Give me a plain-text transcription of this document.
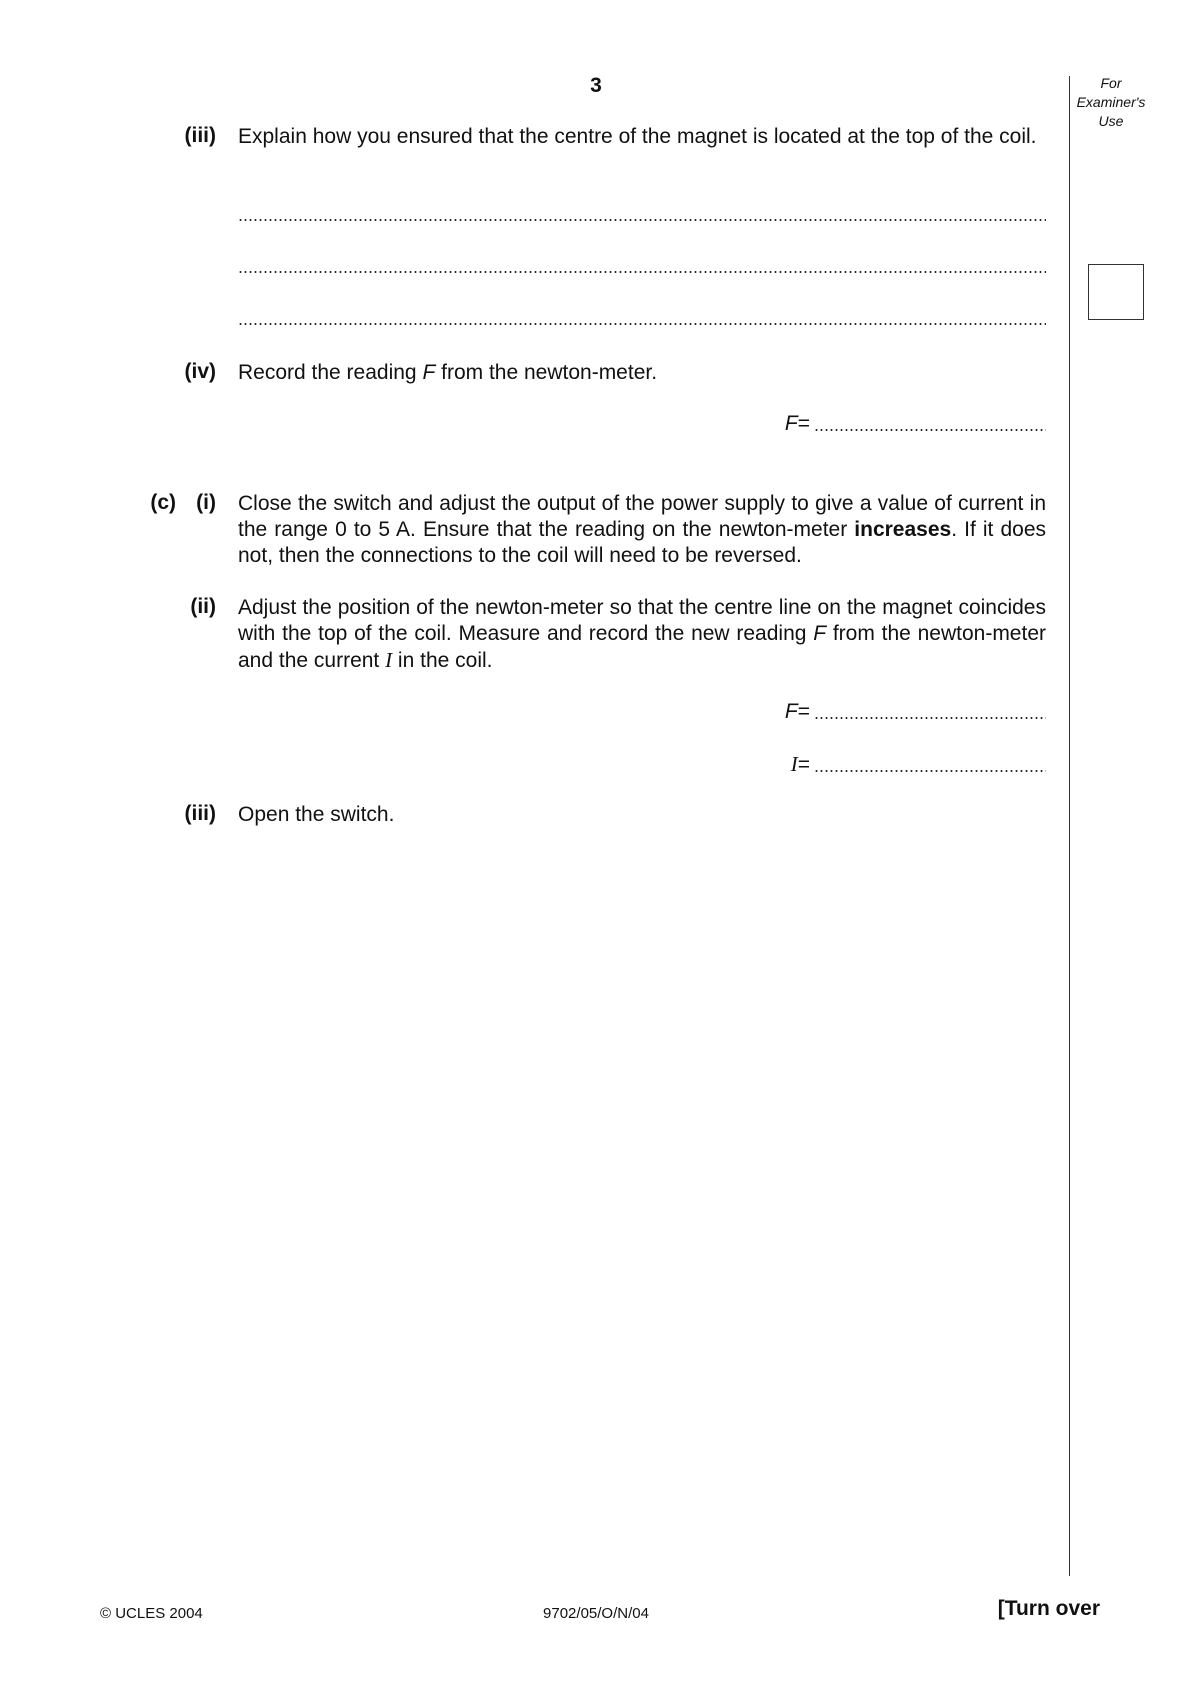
3	For
Examiner's
Use
(iii) Explain how you ensured that the centre of the magnet is located at the top of the coil.
(iv) Record the reading F from the newton-meter.
F =
(c) (i) Close the switch and adjust the output of the power supply to give a value of current in the range 0 to 5 A. Ensure that the reading on the newton-meter increases. If it does not, then the connections to the coil will need to be reversed.
(ii) Adjust the position of the newton-meter so that the centre line on the magnet coincides with the top of the coil. Measure and record the new reading F from the newton-meter and the current I in the coil.
F =
I =
(iii) Open the switch.
© UCLES 2004	9702/05/O/N/04	[Turn over
